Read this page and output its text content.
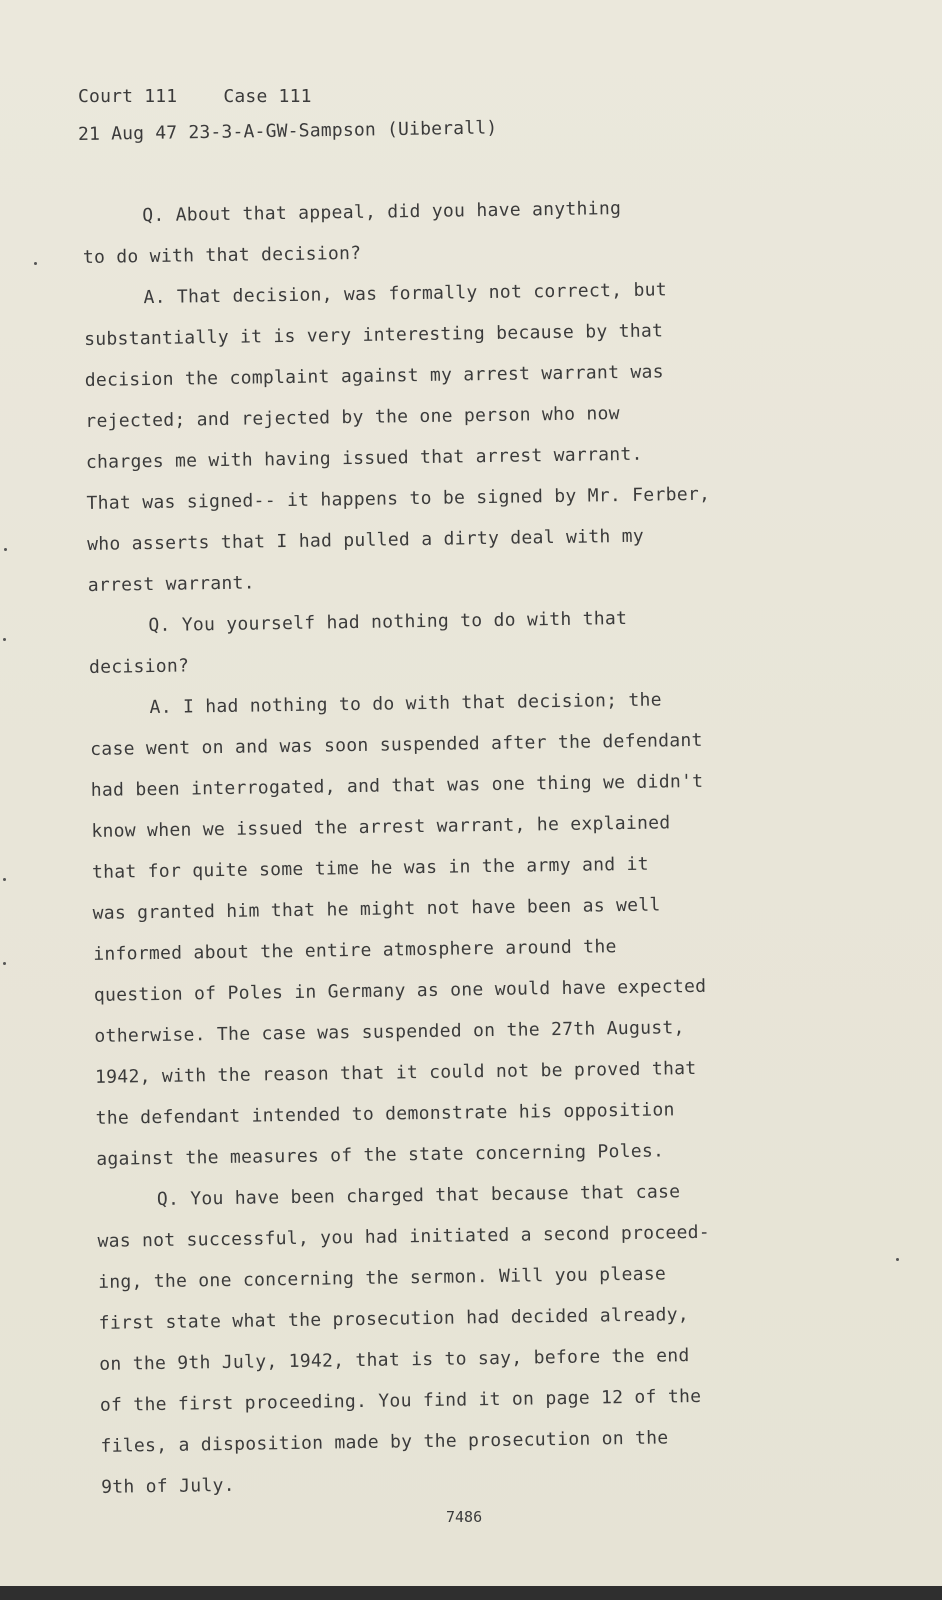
Court 111	Case 111
21 Aug 47 23-3-A-GW-Sampson (Uiberall)
Q. About that appeal, did you have anything
to do with that decision?
A. That decision, was formally not correct, but
substantially it is very interesting because by that
decision the complaint against my arrest warrant was
rejected; and rejected by the one person who now
charges me with having issued that arrest warrant.
That was signed-- it happens to be signed by Mr. Ferber,
who asserts that I had pulled a dirty deal with my
arrest warrant.
Q. You yourself had nothing to do with that
decision?
A. I had nothing to do with that decision; the
case went on and was soon suspended after the defendant
had been interrogated, and that was one thing we didn't
know when we issued the arrest warrant, he explained
that for quite some time he was in the army and it
was granted him that he might not have been as well
informed about the entire atmosphere around the
question of Poles in Germany as one would have expected
otherwise. The case was suspended on the 27th August,
1942, with the reason that it could not be proved that
the defendant intended to demonstrate his opposition
against the measures of the state concerning Poles.
Q. You have been charged that because that case
was not successful, you had initiated a second proceed-
ing, the one concerning the sermon. Will you please
first state what the prosecution had decided already,
on the 9th July, 1942, that is to say, before the end
of the first proceeding. You find it on page 12 of the
files, a disposition made by the prosecution on the
9th of July.
7486
